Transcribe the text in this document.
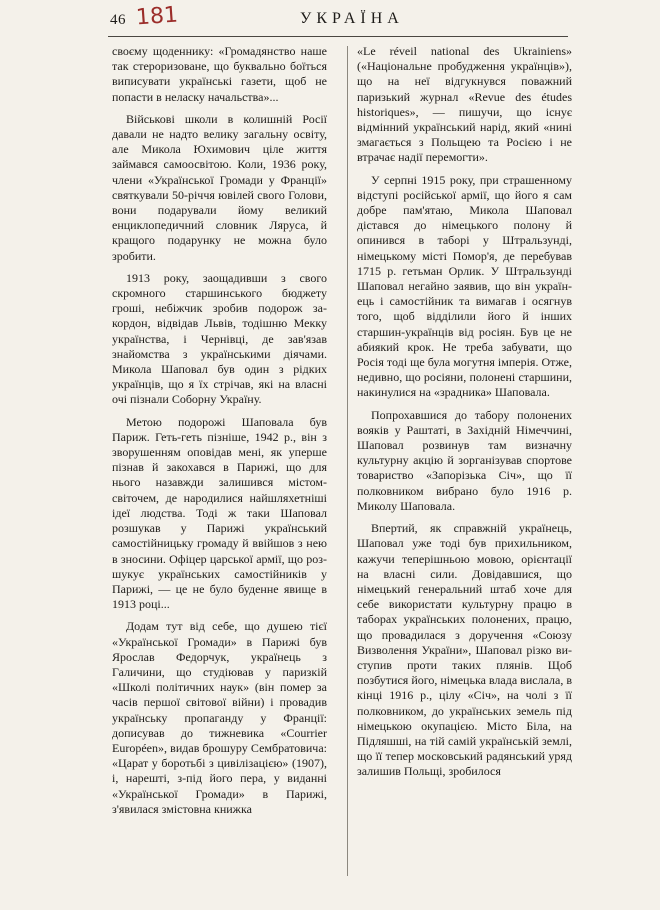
46 181	УКРАЇНА

своєму щоденнику: «Громадянство наше так стероризоване, що буквально боїться виписувати українські газети, щоб не попасти в неласку начальства»...

Військові школи в колишній Росії давали не надто велику загальну освіту, але Микола Юхимович ціле життя займався самоосвітою. Коли, 1936 року, члени «Української Громади у Франції» святкували 50-річчя ювілей свого Голови, вони подарували йому великий енциклопедичний словник Ляруса, й кращого подарунку не можна було зробити.

1913 року, заощадивши з свого скромного старшинського бюджету гроші, небіжчик зробив подорож закордон, відвідав Львів, тодішню Мекку українства, і Чернівці, де зав'язав знайомства з українськими діячами. Микола Шаповал був один з рідких українців, що я їх стрічав, які на власні очі пізнали Соборну Україну.

Метою подорожі Шаповала був Париж. Геть-геть пізніше, 1942 р., він з зворушенням оповідав мені, як уперше пізнав й закохався в Парижі, що для нього назавжди залишився містом-світочем, де народилися найшляхетніші ідеї людства. Тоді ж таки Шаповал розшукав у Парижі український самостійницьку громаду й ввійшов з нею в зносини. Офіцер царської армії, що розшукує українських самостійників у Парижі, — це не було буденне явище в 1913 році...

Додам тут від себе, що душею тієї «Української Громади» в Парижі був Ярослав Федорчук, українець з Галичини, що студіював у паризкій «Школі політичних наук» (він помер за часів першої світової війни) і провадив українську пропаганду у Франції: дописував до тижневика «Courrier Européen», видав брошуру Сембратовича: «Царат у боротьбі з цивілізацією» (1907), і, нарешті, з-під його пера, у виданні «Української Громади» в Парижі, з'явилася змістовна книжка

«Le réveil national des Ukrainiens» («Національне пробудження українців»), що на неї відгукнувся поважний паризький журнал «Revue des études historiques», — пишучи, що існує відмінний український нарід, який «нині змагається з Польщею та Росією і не втрачає надії перемогти».

У серпні 1915 року, при страшенному відступі російської армії, що його я сам добре пам'ятаю, Микола Шаповал дістався до німецького полону й опинився в таборі у Штральзунді, німецькому місті Помор'я, де перебував 1715 р. гетьман Орлик. У Штральзунді Шаповал негайно заявив, що він українець і самостійник та вимагав і осягнув того, щоб відділили його й інших старшин-українців від росіян. Був це не абиякий крок. Не треба забувати, що Росія тоді ще була могутня імперія. Отже, недивно, що росіяни, полонені старшини, накинулися на «зрадника» Шаповала.

Попрохавшися до табору полонених вояків у Раштаті, в Західній Німеччині, Шаповал розвинув там визначну культурну акцію й зорганізував спортове товариство «Запорізька Січ», що її полковником вибрано було 1916 р. Миколу Шаповала.

Впертий, як справжній українець, Шаповал уже тоді був прихильником, кажучи теперішньою мовою, орієнтації на власні сили. Довідавшися, що німецький генеральний штаб хоче для себе використати культурну працю в таборах українських полонених, працю, що провадилася з доручення «Союзу Визволення України», Шаповал різко виступив проти таких плянів. Щоб позбутися його, німецька влада вислала, в кінці 1916 р., цілу «Січ», на чолі з її полковником, до українських земель під німецькою окупацією. Місто Біла, на Підляшші, на тій самій українській землі, що її тепер московський радянський уряд залишив Польщі, зробилося
